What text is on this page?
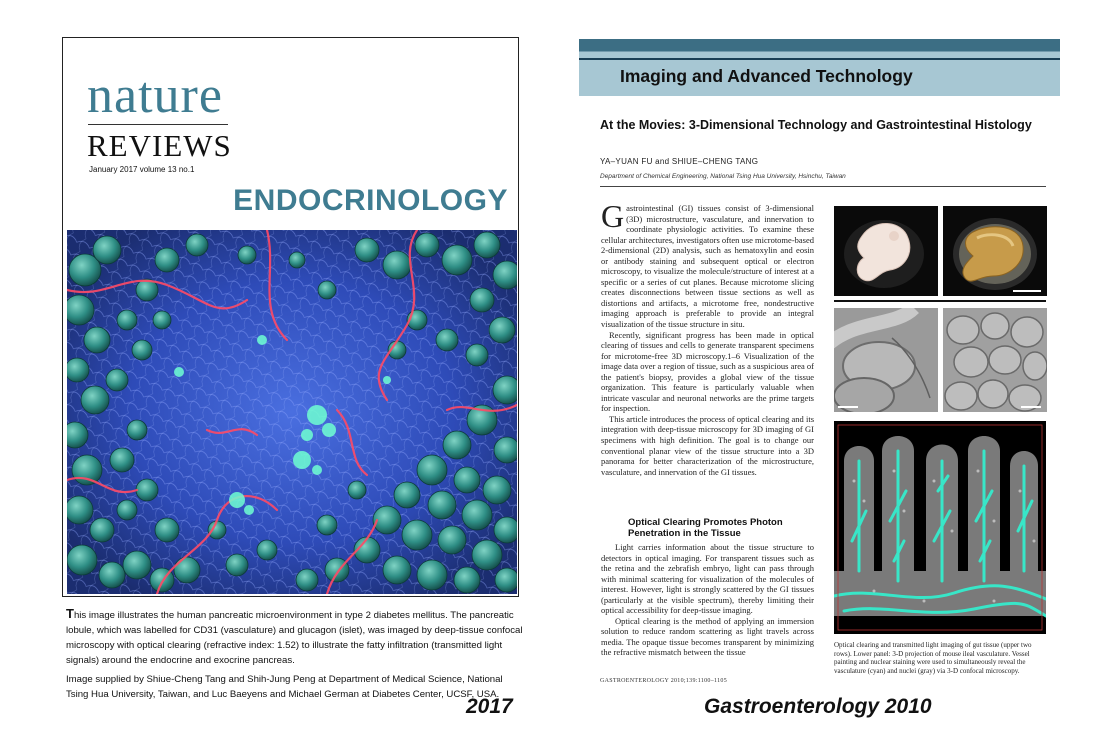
nature
REVIEWS
January 2017 volume 13 no.1
ENDOCRINOLOGY

This image illustrates the human pancreatic microenvironment in type 2 diabetes mellitus. The pancreatic lobule, which was labelled for CD31 (vasculature) and glucagon (islet), was imaged by deep-tissue confocal microscopy with optical clearing (refractive index: 1.52) to illustrate the fatty infiltration (transmitted light signals) around the endocrine and exocrine pancreas.

Image supplied by Shiue-Cheng Tang and Shih-Jung Peng at Department of Medical Science, National Tsing Hua University, Taiwan, and Luc Baeyens and Michael German at Diabetes Center, UCSF, USA.

2017
Imaging and Advanced Technology
At the Movies: 3-Dimensional Technology and Gastrointestinal Histology
YA–YUAN FU and SHIUE–CHENG TANG
Department of Chemical Engineering, National Tsing Hua University, Hsinchu, Taiwan

Gastrointestinal (GI) tissues consist of 3-dimensional (3D) microstructure, vasculature, and innervation to coordinate physiologic activities. To examine these cellular architectures, investigators often use microtome-based 2-dimensional (2D) analysis, such as hematoxylin and eosin or antibody staining and subsequent optical or electron microscopy, to visualize the molecule/structure of interest at a specific or a series of cut planes. Because microtome slicing creates disconnections between tissue sections as well as distortions and artifacts, a microtome free, nondestructive imaging approach is preferable to provide an integral visualization of the tissue structure in situ.

Recently, significant progress has been made in optical clearing of tissues and cells to generate transparent specimens for microtome-free 3D microscopy.1–6 Visualization of the image data over a region of tissue, such as a suspicious area of the patient's biopsy, provides a global view of the tissue organization. This feature is particularly valuable when intricate vascular and neuronal networks are the prime targets for inspection.

This article introduces the process of optical clearing and its integration with deep-tissue microscopy for 3D imaging of GI specimens with high definition. The goal is to change our conventional planar view of the tissue structure into a 3D panorama for better characterization of the microstructure, vasculature, and innervation of the GI tissues.

Optical Clearing Promotes Photon Penetration in the Tissue

Light carries information about the tissue structure to detectors in optical imaging. For transparent tissues such as the retina and the zebrafish embryo, light can pass through with minimal scattering for visualization of the molecules of interest. However, light is strongly scattered by the GI tissues (particularly at the visible spectrum), thereby limiting their optical accessibility for deep-tissue imaging.

Optical clearing is the method of applying an immersion solution to reduce random scattering as light travels across media. The opaque tissue becomes transparent by minimizing the refractive mismatch between the tissue

GASTROENTEROLOGY 2010;139:1100–1105
Optical clearing and transmitted light imaging of gut tissue (upper two rows). Lower panel: 3-D projection of mouse ileal vasculature. Vessel painting and nuclear staining were used to simultaneously reveal the vasculature (cyan) and nuclei (gray) via 3-D confocal microscopy.
Gastroenterology 2010
